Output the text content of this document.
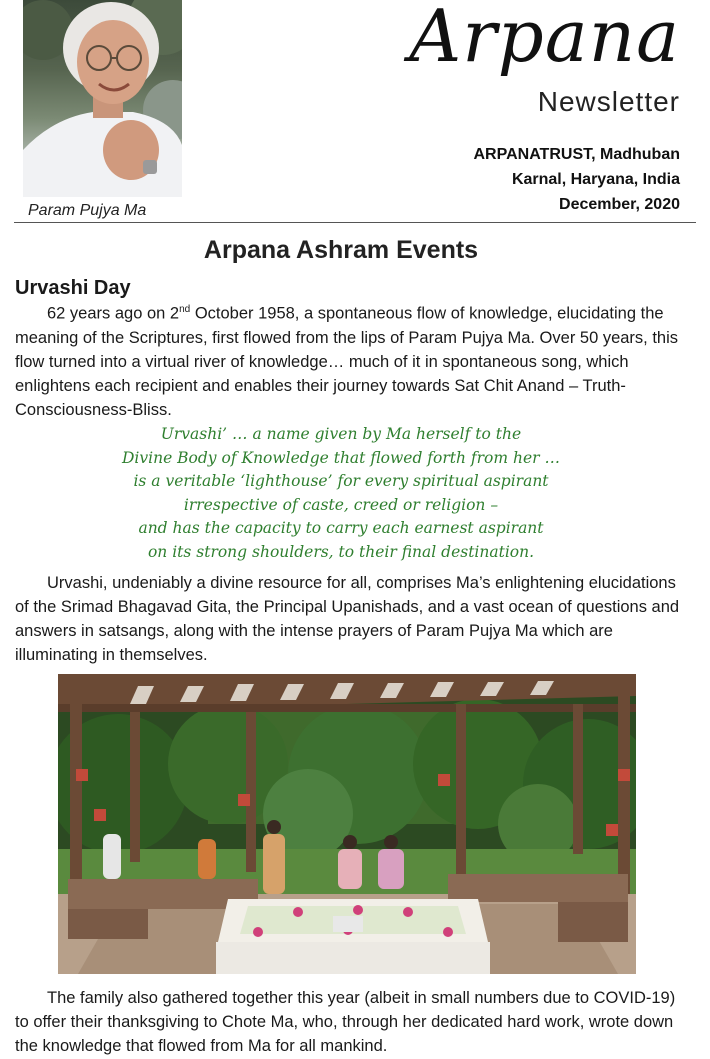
Param Pujya Ma
Arpana
Newsletter
ARPANATRUST, Madhuban
Karnal, Haryana, India
December, 2020
Arpana Ashram Events
Urvashi Day

62 years ago on 2nd October 1958, a spontaneous flow of knowledge, elucidating the meaning of the Scriptures, first flowed from the lips of Param Pujya Ma. Over 50 years, this flow turned into a virtual river of knowledge… much of it in spontaneous song, which enlightens each recipient and enables their journey towards Sat Chit Anand – Truth-Consciousness-Bliss.

Urvashi’ … a name given by Ma herself to the
Divine Body of Knowledge that flowed forth from her …
is a veritable ‘lighthouse’ for every spiritual aspirant
irrespective of caste, creed or religion –
and has the capacity to carry each earnest aspirant
on its strong shoulders, to their final destination.

Urvashi, undeniably a divine resource for all, comprises Ma’s enlightening elucidations of the Srimad Bhagavad Gita, the Principal Upanishads, and a vast ocean of questions and answers in satsangs, along with the intense prayers of Param Pujya Ma which are illuminating in themselves.

The family also gathered together this year (albeit in small numbers due to COVID-19) to offer their thanksgiving to Chote Ma, who, through her dedicated hard work, wrote down the knowledge that flowed from Ma for all mankind.
